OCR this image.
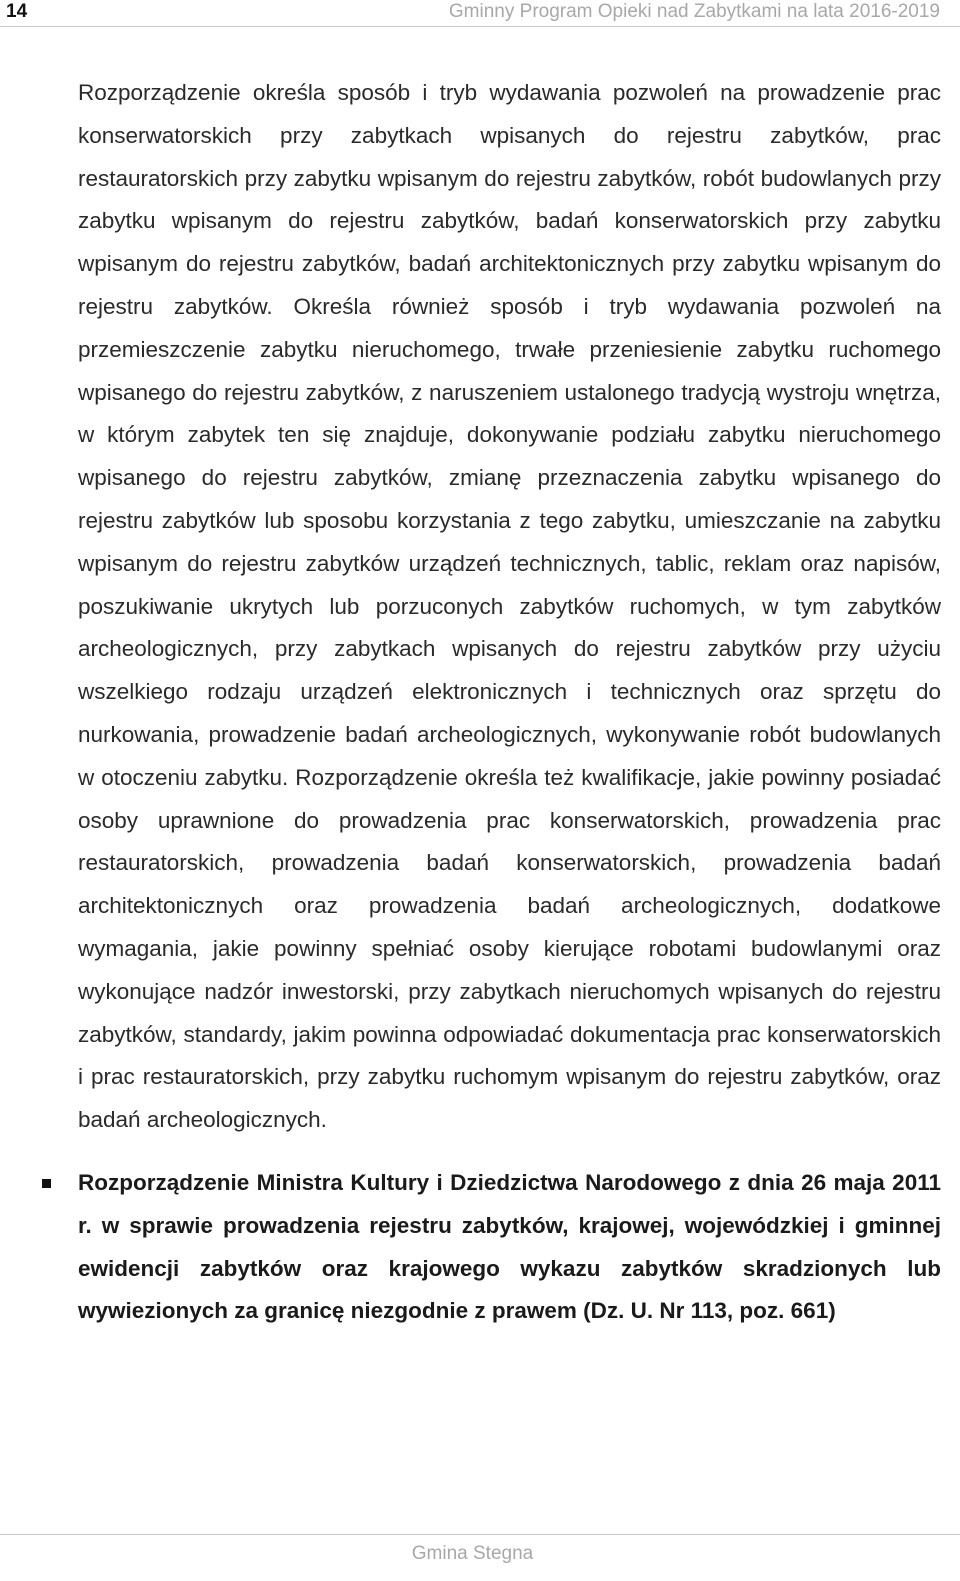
14	Gminny Program Opieki nad Zabytkami na lata 2016-2019

Rozporządzenie określa sposób i tryb wydawania pozwoleń na prowadzenie prac konserwatorskich przy zabytkach wpisanych do rejestru zabytków, prac restauratorskich przy zabytku wpisanym do rejestru zabytków, robót budowlanych przy zabytku wpisanym do rejestru zabytków, badań konserwatorskich przy zabytku wpisanym do rejestru zabytków, badań architektonicznych przy zabytku wpisanym do rejestru zabytków. Określa również sposób i tryb wydawania pozwoleń na przemieszczenie zabytku nieruchomego, trwałe przeniesienie zabytku ruchomego wpisanego do rejestru zabytków, z naruszeniem ustalonego tradycją wystroju wnętrza, w którym zabytek ten się znajduje, dokonywanie podziału zabytku nieruchomego wpisanego do rejestru zabytków, zmianę przeznaczenia zabytku wpisanego do rejestru zabytków lub sposobu korzystania z tego zabytku, umieszczanie na zabytku wpisanym do rejestru zabytków urządzeń technicznych, tablic, reklam oraz napisów, poszukiwanie ukrytych lub porzuconych zabytków ruchomych, w tym zabytków archeologicznych, przy zabytkach wpisanych do rejestru zabytków przy użyciu wszelkiego rodzaju urządzeń elektronicznych i technicznych oraz sprzętu do nurkowania, prowadzenie badań archeologicznych, wykonywanie robót budowlanych w otoczeniu zabytku. Rozporządzenie określa też kwalifikacje, jakie powinny posiadać osoby uprawnione do prowadzenia prac konserwatorskich, prowadzenia prac restauratorskich, prowadzenia badań konserwatorskich, prowadzenia badań architektonicznych oraz prowadzenia badań archeologicznych, dodatkowe wymagania, jakie powinny spełniać osoby kierujące robotami budowlanymi oraz wykonujące nadzór inwestorski, przy zabytkach nieruchomych wpisanych do rejestru zabytków, standardy, jakim powinna odpowiadać dokumentacja prac konserwatorskich i prac restauratorskich, przy zabytku ruchomym wpisanym do rejestru zabytków, oraz badań archeologicznych.

Rozporządzenie Ministra Kultury i Dziedzictwa Narodowego z dnia 26 maja 2011 r. w sprawie prowadzenia rejestru zabytków, krajowej, wojewódzkiej i gminnej ewidencji zabytków oraz krajowego wykazu zabytków skradzionych lub wywiezionych za granicę niezgodnie z prawem (Dz. U. Nr 113, poz. 661)

Gmina Stegna
